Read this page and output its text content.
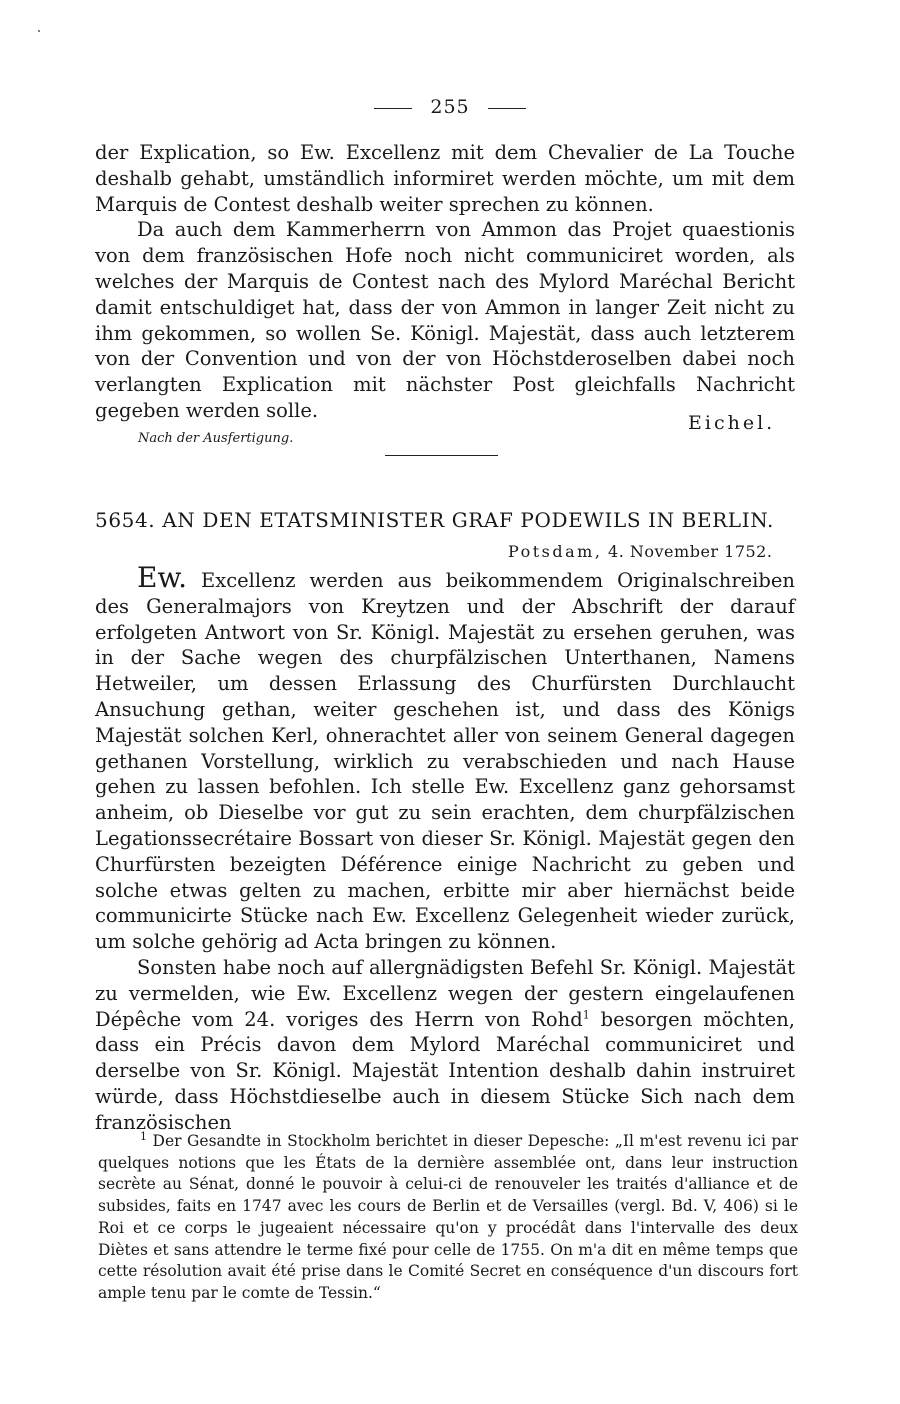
255

der Explication, so Ew. Excellenz mit dem Chevalier de La Touche deshalb gehabt, umständlich informiret werden möchte, um mit dem Marquis de Contest deshalb weiter sprechen zu können.

Da auch dem Kammerherrn von Ammon das Projet quaestionis von dem französischen Hofe noch nicht communiciret worden, als welches der Marquis de Contest nach des Mylord Maréchal Bericht damit entschuldiget hat, dass der von Ammon in langer Zeit nicht zu ihm gekommen, so wollen Se. Königl. Majestät, dass auch letzterem von der Convention und von der von Höchstderoselben dabei noch verlangten Explication mit nächster Post gleichfalls Nachricht gegeben werden solle.

Eichel.
Nach der Ausfertigung.
5654. AN DEN ETATSMINISTER GRAF PODEWILS IN BERLIN.
Potsdam, 4. November 1752.

Ew. Excellenz werden aus beikommendem Originalschreiben des Generalmajors von Kreytzen und der Abschrift der darauf erfolgeten Antwort von Sr. Königl. Majestät zu ersehen geruhen, was in der Sache wegen des churpfälzischen Unterthanen, Namens Hetweiler, um dessen Erlassung des Churfürsten Durchlaucht Ansuchung gethan, weiter geschehen ist, und dass des Königs Majestät solchen Kerl, ohnerachtet aller von seinem General dagegen gethanen Vorstellung, wirklich zu verabschieden und nach Hause gehen zu lassen befohlen. Ich stelle Ew. Excellenz ganz gehorsamst anheim, ob Dieselbe vor gut zu sein erachten, dem churpfälzischen Legationssecrétaire Bossart von dieser Sr. Königl. Majestät gegen den Churfürsten bezeigten Déférence einige Nachricht zu geben und solche etwas gelten zu machen, erbitte mir aber hiernächst beide communicirte Stücke nach Ew. Excellenz Gelegenheit wieder zurück, um solche gehörig ad Acta bringen zu können.

Sonsten habe noch auf allergnädigsten Befehl Sr. Königl. Majestät zu vermelden, wie Ew. Excellenz wegen der gestern eingelaufenen Dépêche vom 24. voriges des Herrn von Rohd$^1$ besorgen möchten, dass ein Précis davon dem Mylord Maréchal communiciret und derselbe von Sr. Königl. Majestät Intention deshalb dahin instruiret würde, dass Höchstdieselbe auch in diesem Stücke Sich nach dem französischen

$^1$ Der Gesandte in Stockholm berichtet in dieser Depesche: „Il m'est revenu ici par quelques notions que les États de la dernière assemblée ont, dans leur instruction secrète au Sénat, donné le pouvoir à celui-ci de renouveler les traités d'alliance et de subsides, faits en 1747 avec les cours de Berlin et de Versailles (vergl. Bd. V, 406) si le Roi et ce corps le jugeaient nécessaire qu'on y procédât dans l'intervalle des deux Diètes et sans attendre le terme fixé pour celle de 1755. On m'a dit en même temps que cette résolution avait été prise dans le Comité Secret en conséquence d'un discours fort ample tenu par le comte de Tessin.“
